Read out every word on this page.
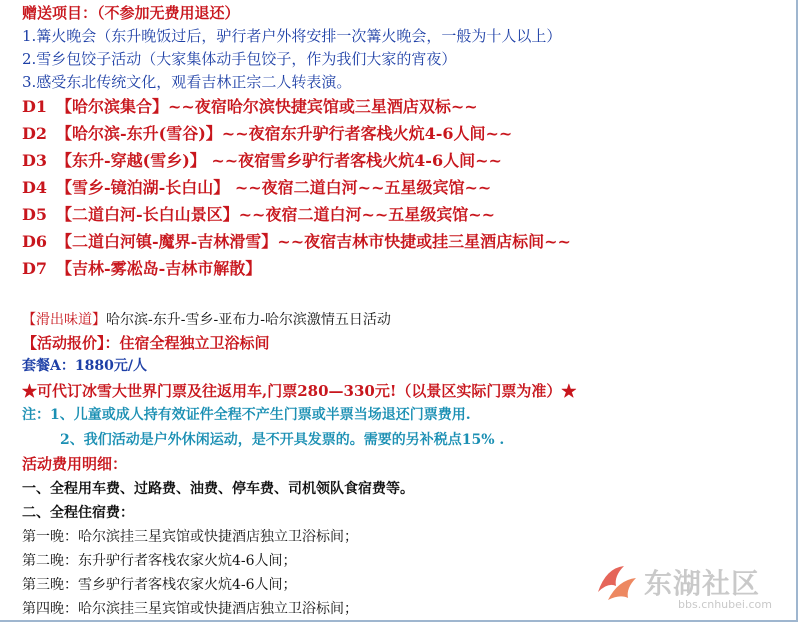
赠送项目：（不参加无费用退还）
1.篝火晚会（东升晚饭过后，驴行者户外将安排一次篝火晚会，一般为十人以上）
2.雪乡包饺子活动（大家集体动手包饺子，作为我们大家的宵夜）
3.感受东北传统文化，观看吉林正宗二人转表演。
D1 【哈尔滨集合】~~夜宿哈尔滨快捷宾馆或三星酒店双标~~
D2 【哈尔滨-东升(雪谷)】~~夜宿东升驴行者客栈火炕4-6人间~~
D3 【东升-穿越(雪乡)】 ~~夜宿雪乡驴行者客栈火炕4-6人间~~
D4 【雪乡-镜泊湖-长白山】 ~~夜宿二道白河~~五星级宾馆~~
D5 【二道白河-长白山景区】~~夜宿二道白河~~五星级宾馆~~
D6 【二道白河镇-魔界-吉林滑雪】~~夜宿吉林市快捷或挂三星酒店标间~~
D7 【吉林-雾凇岛-吉林市解散】
【滑出味道】哈尔滨-东升-雪乡-亚布力-哈尔滨激情五日活动
【活动报价】：住宿全程独立卫浴标间
套餐A：1880元/人
★可代订冰雪大世界门票及往返用车,门票280—330元!（以景区实际门票为准）★
注：1、儿童或成人持有效证件全程不产生门票或半票当场退还门票费用.
2、我们活动是户外休闲运动，是不开具发票的。需要的另补税点15% .
活动费用明细：
一、全程用车费、过路费、油费、停车费、司机领队食宿费等。
二、全程住宿费：
第一晚：哈尔滨挂三星宾馆或快捷酒店独立卫浴标间；
第二晚：东升驴行者客栈农家火炕4-6人间；
第三晚：雪乡驴行者客栈农家火炕4-6人间；
第四晚：哈尔滨挂三星宾馆或快捷酒店独立卫浴标间；
东湖社区
bbs.cnhubei.com
